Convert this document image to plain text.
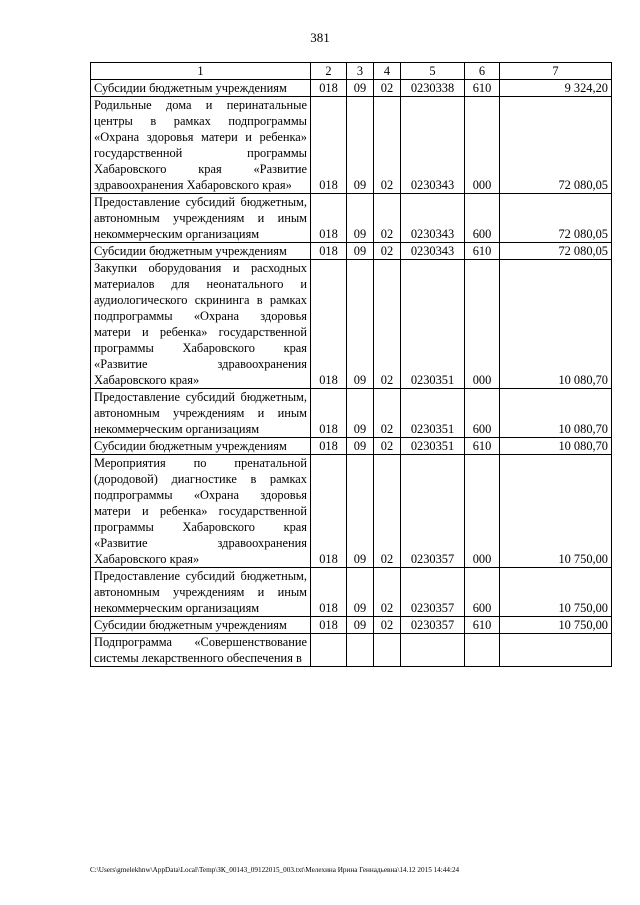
381
1	2	3	4	5	6	7
Субсидии бюджетным учреждениям	018	09	02	0230338	610	9 324,20
Родильные дома и перинатальные центры в рамках подпрограммы «Охрана здоровья матери и ребенка» государственной программы Хабаровского края «Развитие здравоохранения Хабаровского края»	018	09	02	0230343	000	72 080,05
Предоставление субсидий бюджетным, автономным учреждениям и иным некоммерческим организациям	018	09	02	0230343	600	72 080,05
Субсидии бюджетным учреждениям	018	09	02	0230343	610	72 080,05
Закупки оборудования и расходных материалов для неонатального и аудиологического скрининга в рамках подпрограммы «Охрана здоровья матери и ребенка» государственной программы Хабаровского края «Развитие здравоохранения Хабаровского края»	018	09	02	0230351	000	10 080,70
Предоставление субсидий бюджетным, автономным учреждениям и иным некоммерческим организациям	018	09	02	0230351	600	10 080,70
Субсидии бюджетным учреждениям	018	09	02	0230351	610	10 080,70
Мероприятия по пренатальной (дородовой) диагностике в рамках подпрограммы «Охрана здоровья матери и ребенка» государственной программы Хабаровского края «Развитие здравоохранения Хабаровского края»	018	09	02	0230357	000	10 750,00
Предоставление субсидий бюджетным, автономным учреждениям и иным некоммерческим организациям	018	09	02	0230357	600	10 750,00
Субсидии бюджетным учреждениям	018	09	02	0230357	610	10 750,00
Подпрограмма «Совершенствование системы лекарственного обеспечения в						
C:\Users\gmelekhnw\AppData\Local\Temp\ЗК_00143_09122015_003.txt\Мелехина Ирина Геннадьевна\14.12 2015 14:44:24
